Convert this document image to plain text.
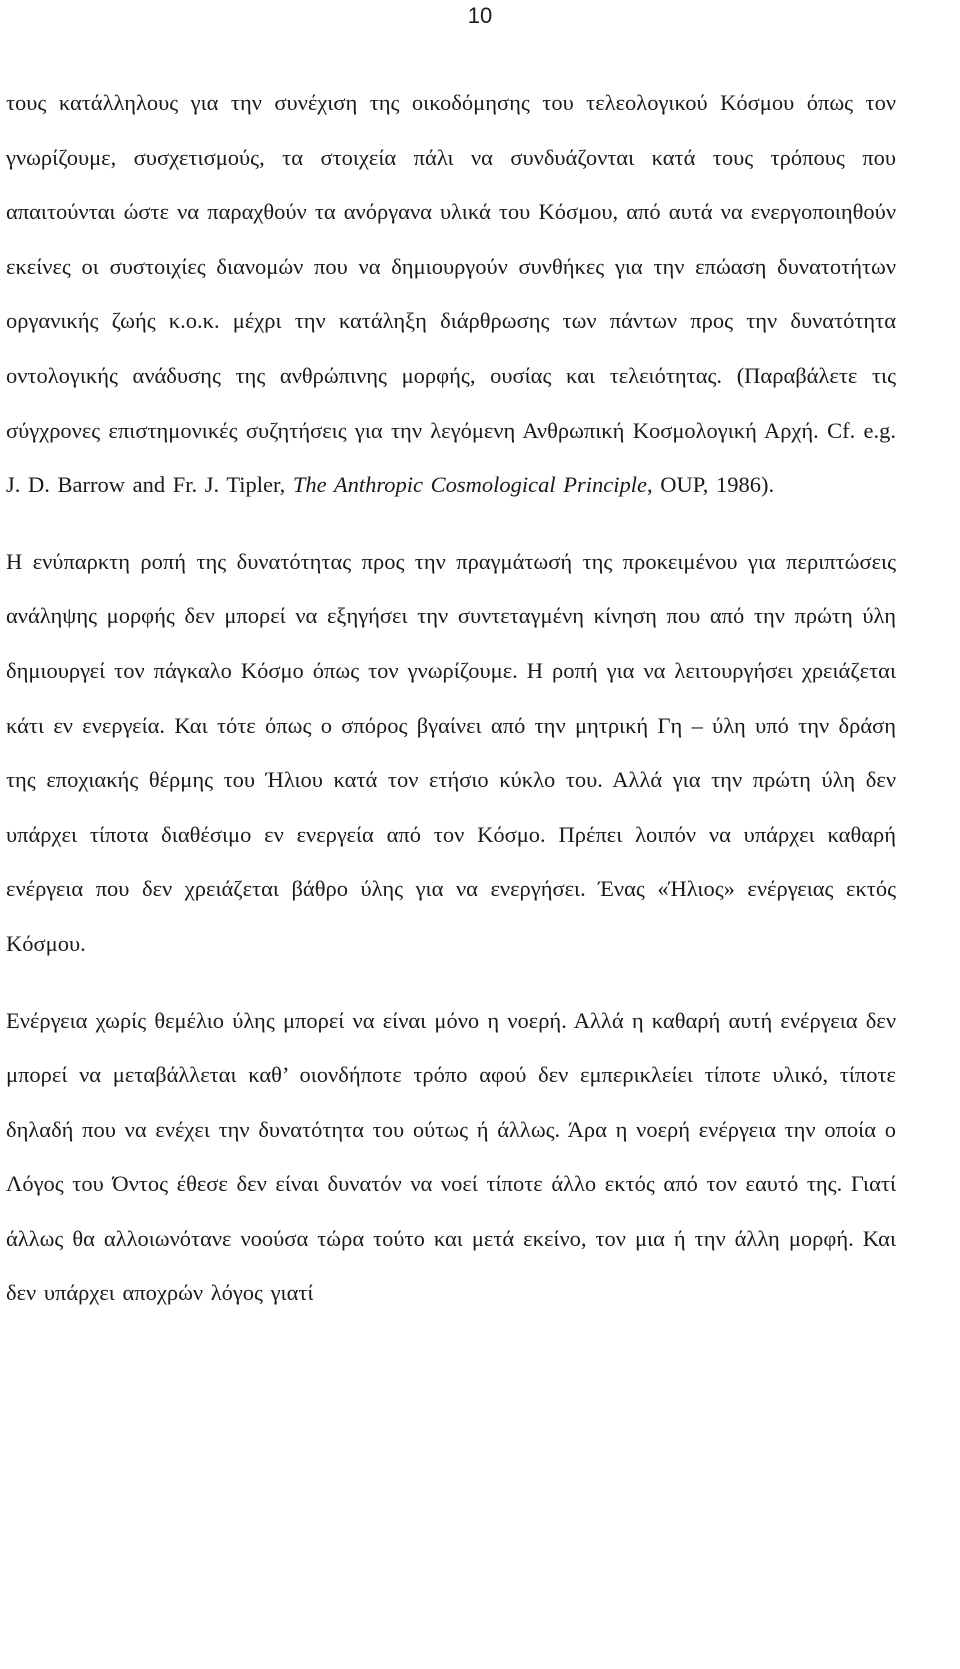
10

τους κατάλληλους για την συνέχιση της οικοδόμησης του τελεολογικού Κόσμου όπως τον γνωρίζουμε, συσχετισμούς, τα στοιχεία πάλι να συνδυάζονται κατά τους τρόπους που απαιτούνται ώστε να παραχθούν τα ανόργανα υλικά του Κόσμου, από αυτά να ενεργοποιηθούν εκείνες οι συστοιχίες διανομών που να δημιουργούν συνθήκες για την επώαση δυνατοτήτων οργανικής ζωής κ.ο.κ. μέχρι την κατάληξη διάρθρωσης των πάντων προς την δυνατότητα οντολογικής ανάδυσης της ανθρώπινης μορφής, ουσίας και τελειότητας. (Παραβάλετε τις σύγχρονες επιστημονικές συζητήσεις για την λεγόμενη Ανθρωπική Κοσμολογική Αρχή. Cf. e.g. J. D. Barrow and Fr. J. Tipler, The Anthropic Cosmological Principle, OUP, 1986).

Η ενύπαρκτη ροπή της δυνατότητας προς την πραγμάτωσή της προκειμένου για περιπτώσεις ανάληψης μορφής δεν μπορεί να εξηγήσει την συντεταγμένη κίνηση που από την πρώτη ύλη δημιουργεί τον πάγκαλο Κόσμο όπως τον γνωρίζουμε. Η ροπή για να λειτουργήσει χρειάζεται κάτι εν ενεργεία. Και τότε όπως ο σπόρος βγαίνει από την μητρική Γη – ύλη υπό την δράση της εποχιακής θέρμης του Ήλιου κατά τον ετήσιο κύκλο του. Αλλά για την πρώτη ύλη δεν υπάρχει τίποτα διαθέσιμο εν ενεργεία από τον Κόσμο. Πρέπει λοιπόν να υπάρχει καθαρή ενέργεια που δεν χρειάζεται βάθρο ύλης για να ενεργήσει. Ένας «Ήλιος» ενέργειας εκτός Κόσμου.

Ενέργεια χωρίς θεμέλιο ύλης μπορεί να είναι μόνο η νοερή. Αλλά η καθαρή αυτή ενέργεια δεν μπορεί να μεταβάλλεται καθ’ οιονδήποτε τρόπο αφού δεν εμπερικλείει τίποτε υλικό, τίποτε δηλαδή που να ενέχει την δυνατότητα του ούτως ή άλλως. Άρα η νοερή ενέργεια την οποία ο Λόγος του Όντος έθεσε δεν είναι δυνατόν να νοεί τίποτε άλλο εκτός από τον εαυτό της. Γιατί άλλως θα αλλοιωνότανε νοούσα τώρα τούτο και μετά εκείνο, τον μια ή την άλλη μορφή. Και δεν υπάρχει αποχρών λόγος γιατί
